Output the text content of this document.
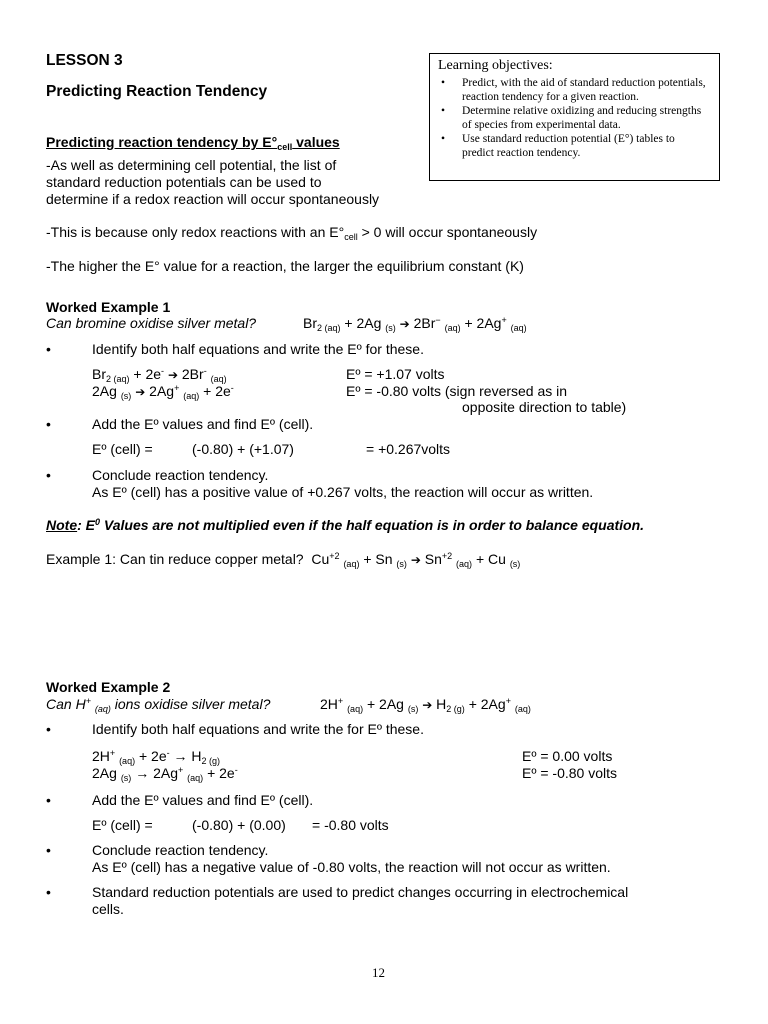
LESSON 3
Predicting Reaction Tendency
Learning objectives:
• Predict, with the aid of standard reduction potentials, reaction tendency for a given reaction.
• Determine relative oxidizing and reducing strengths of species from experimental data.
• Use standard reduction potential (E°) tables to predict reaction tendency.
Predicting reaction tendency by $E^\circ_{cell}$ values
-As well as determining cell potential, the list of
standard reduction potentials can be used to
determine if a redox reaction will occur spontaneously
-This is because only redox reactions with an $E^\circ_{cell} > 0$ will occur spontaneously
-The higher the E° value for a reaction, the larger the equilibrium constant (K)
Worked Example 1
Can bromine oxidise silver metal?	$Br_{2 (aq)} + 2Ag$ $_{(s)}$ ➔ 2Br− $_{(aq)}$ + 2Ag+ $_{(aq)}$
•	Identify both half equations and write the Eº for these.
$Br_{2 (aq)} + 2e^-$ ➔ 2Br- $_{(aq)}$	Eº = +1.07 volts
2Ag $_{(s)}$ ➔ 2Ag+ $_{(aq)}$ + 2e-	Eº = -0.80 volts (sign reversed as in
opposite direction to table)
•	Add the Eº values and find Eº (cell).
Eº (cell) =	(-0.80) + (+1.07)	= +0.267volts
•	Conclude reaction tendency.
As Eº (cell) has a positive value of +0.267 volts, the reaction will occur as written.
Note: $E^0$ Values are not multiplied even if the half equation is in order to balance equation.
Example 1: Can tin reduce copper metal?  $Cu^{+2}$ $_{(aq)}$ + Sn $_{(s)}$ ➔ $Sn^{+2}$ $_{(aq)}$ + Cu $_{(s)}$
Worked Example 2
Can H+ $_{(aq)}$ ions oxidise silver metal?	2H+ $_{(aq)}$ + 2Ag $_{(s)}$ ➔ $H_{2 (g)} + 2Ag^+$ $_{(aq)}$
•	Identify both half equations and write the for Eº these.
2H+ $_{(aq)} + 2e^- \to H_{2 (g)}$	Eº = 0.00 volts
2Ag $_{(s)}$ → 2Ag+ $_{(aq)}$ + 2e-	Eº = -0.80 volts
•	Add the Eº values and find Eº (cell).
Eº (cell) =	(-0.80) + (0.00) = -0.80 volts
•	Conclude reaction tendency.
As Eº (cell) has a negative value of -0.80 volts, the reaction will not occur as written.
•	Standard reduction potentials are used to predict changes occurring in electrochemical
cells.
12
